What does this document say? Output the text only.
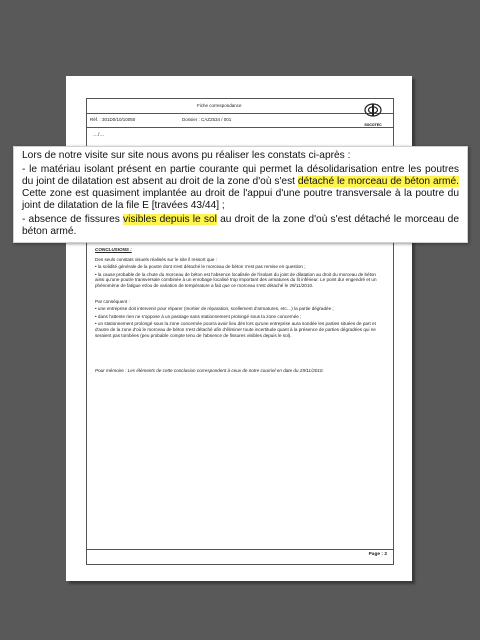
Fiche correspondance
Réf. : 301D0/10/10050	Dossier : CAZ2534 / 001
SOCOTEC
…/…

CONCLUSIONS :

Des seuls constats visuels réalisés sur le site il ressort que :

• la solidité générale de la poutre dont s'est détaché le morceau de béton n'est pas remise en question ;

• la cause probable de la chute du morceau de béton est l'absence localisée de l'isolant du joint de dilatation au droit du morceau de béton ainsi qu'une poutre transversale combinée à un enrobage localisé trop important des armatures du lit inférieur. Le point dur engendré et un phénomène de fatigue et/ou de variation de température a fait que ce morceau s'est détaché le 29/11/2010.

Par conséquent :

• une entreprise doit intervenir pour réparer (mortier de réparation, scellement d'armatures, etc…) la partie dégradée ;

• dans l'attente rien ne s'oppose à un passage sans stationnement prolongé sous la zone concernée ;

• un stationnement prolongé sous la zone concernée pourra avoir lieu dès lors qu'une entreprise aura sondée les parties situées de part et d'autre de la zone d'où le morceau de béton s'est détaché afin d'éliminer toute incertitude quant à la présence de parties dégradées qui ne seraient pas tombées (peu probable compte tenu de l'absence de fissures visibles depuis le sol).

Pour mémoire : Les éléments de cette conclusion correspondent à ceux de notre courriel en date du 29/11/2010.

Page : 2

Lors de notre visite sur site nous avons pu réaliser les constats ci-après :

- le matériau isolant présent en partie courante qui permet la désolidarisation entre les poutres du joint de dilatation est absent au droit de la zone d'où s'est détaché le morceau de béton armé. Cette zone est quasiment implantée au droit de l'appui d'une poutre transversale à la poutre du joint de dilatation de la file E [travées 43/44] ;

- absence de fissures visibles depuis le sol au droit de la zone d'où s'est détaché le morceau de béton armé.
